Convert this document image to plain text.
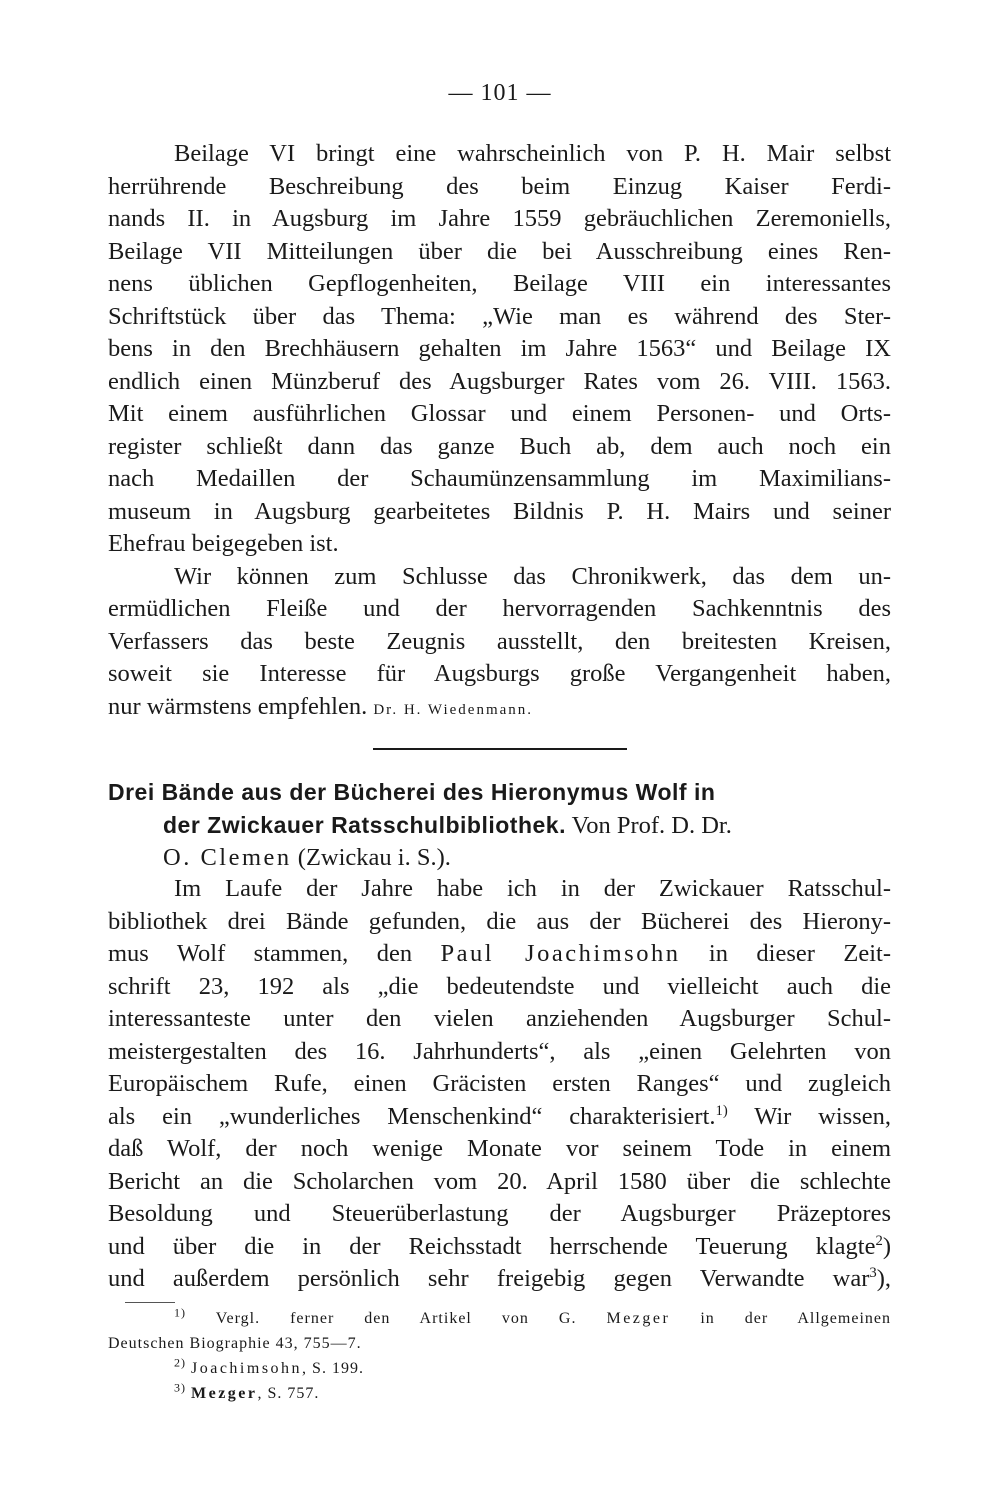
— 101 —

Beilage VI bringt eine wahrscheinlich von P. H. Mair selbst
herrührende Beschreibung des beim Einzug Kaiser Ferdi-
nands II. in Augsburg im Jahre 1559 gebräuchlichen Zeremoniells,
Beilage VII Mitteilungen über die bei Ausschreibung eines Ren-
nens üblichen Gepflogenheiten, Beilage VIII ein interessantes
Schriftstück über das Thema: „Wie man es während des Ster-
bens in den Brechhäusern gehalten im Jahre 1563“ und Beilage IX
endlich einen Münzberuf des Augsburger Rates vom 26. VIII. 1563.
Mit einem ausführlichen Glossar und einem Personen- und Orts-
register schließt dann das ganze Buch ab, dem auch noch ein
nach Medaillen der Schaumünzensammlung im Maximilians-
museum in Augsburg gearbeitetes Bildnis P. H. Mairs und seiner
Ehefrau beigegeben ist.

Wir können zum Schlusse das Chronikwerk, das dem un-
ermüdlichen Fleiße und der hervorragenden Sachkenntnis des
Verfassers das beste Zeugnis ausstellt, den breitesten Kreisen,
soweit sie Interesse für Augsburgs große Vergangenheit haben,
nur wärmstens empfehlen. Dr. H. Wiedenmann.

Drei Bände aus der Bücherei des Hieronymus Wolf in
der Zwickauer Ratsschulbibliothek. Von Prof. D. Dr.
O. Clemen (Zwickau i. S.).

Im Laufe der Jahre habe ich in der Zwickauer Ratsschul-
bibliothek drei Bände gefunden, die aus der Bücherei des Hierony-
mus Wolf stammen, den Paul Joachimsohn in dieser Zeit-
schrift 23, 192 als „die bedeutendste und vielleicht auch die
interessanteste unter den vielen anziehenden Augsburger Schul-
meistergestalten des 16. Jahrhunderts“, als „einen Gelehrten von
Europäischem Rufe, einen Gräcisten ersten Ranges“ und zugleich
als ein „wunderliches Menschenkind“ charakterisiert.$^{1)}$ Wir wissen,
daß Wolf, der noch wenige Monate vor seinem Tode in einem
Bericht an die Scholarchen vom 20. April 1580 über die schlechte
Besoldung und Steuerüberlastung der Augsburger Präzeptores
und über die in der Reichsstadt herrschende Teuerung klagte$^2$)
und außerdem persönlich sehr freigebig gegen Verwandte war$^3$),

$^{1)}$ Vergl. ferner den Artikel von G. Mezger in der Allgemeinen
Deutschen Biographie 43, 755—7.
$^{2)}$ Joachimsohn, S. 199.
$^{3)}$ Mezger, S. 757.
